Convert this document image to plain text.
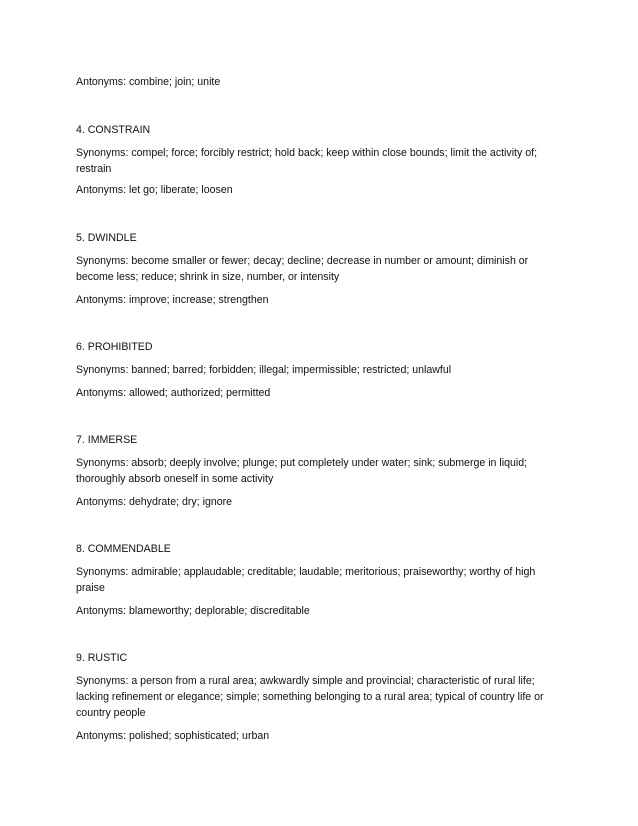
Antonyms: combine; join; unite
4. CONSTRAIN
Synonyms: compel; force; forcibly restrict; hold back; keep within close bounds; limit the activity of; restrain
Antonyms: let go; liberate; loosen
5. DWINDLE
Synonyms: become smaller or fewer; decay; decline; decrease in number or amount; diminish or become less; reduce; shrink in size, number, or intensity
Antonyms: improve; increase; strengthen
6. PROHIBITED
Synonyms: banned; barred; forbidden; illegal; impermissible; restricted; unlawful
Antonyms: allowed; authorized; permitted
7. IMMERSE
Synonyms: absorb; deeply involve; plunge; put completely under water; sink; submerge in liquid; thoroughly absorb oneself in some activity
Antonyms: dehydrate; dry; ignore
8. COMMENDABLE
Synonyms: admirable; applaudable; creditable; laudable; meritorious; praiseworthy; worthy of high praise
Antonyms: blameworthy; deplorable; discreditable
9. RUSTIC
Synonyms: a person from a rural area; awkwardly simple and provincial; characteristic of rural life; lacking refinement or elegance; simple; something belonging to a rural area; typical of country life or country people
Antonyms: polished; sophisticated; urban
